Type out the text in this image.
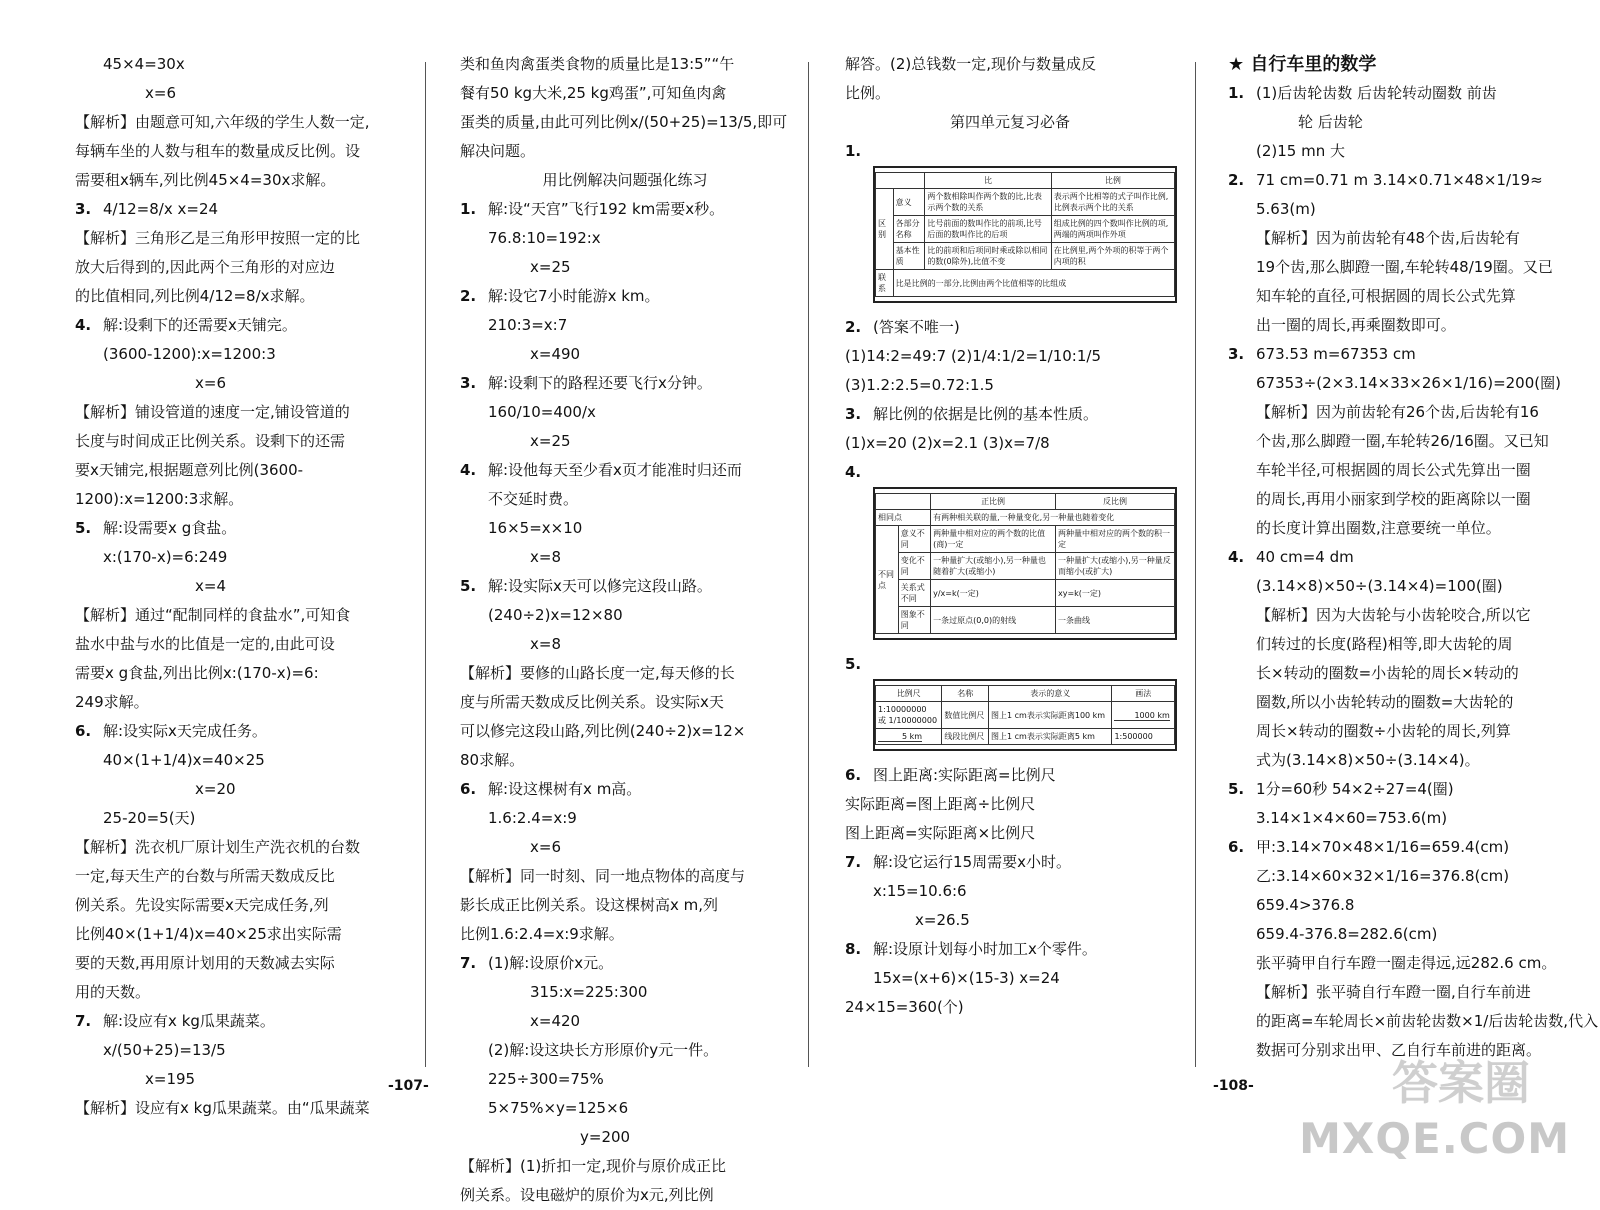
45×4=30x
x=6
【解析】由题意可知,六年级的学生人数一定,
每辆车坐的人数与租车的数量成反比例。设
需要租x辆车,列比例45×4=30x求解。
3. 4/12=8/x x=24
【解析】三角形乙是三角形甲按照一定的比
放大后得到的,因此两个三角形的对应边
的比值相同,列比例4/12=8/x求解。
4. 解:设剩下的还需要x天铺完。
(3600-1200):x=1200:3
x=6
【解析】铺设管道的速度一定,铺设管道的
长度与时间成正比例关系。设剩下的还需
要x天铺完,根据题意列比例(3600-
1200):x=1200:3求解。
5. 解:设需要x g食盐。
x:(170-x)=6:249
x=4
【解析】通过“配制同样的食盐水”,可知食
盐水中盐与水的比值是一定的,由此可设
需要x g食盐,列出比例x:(170-x)=6:
249求解。
6. 解:设实际x天完成任务。
40×(1+1/4)x=40×25
x=20
25-20=5(天)
【解析】洗衣机厂原计划生产洗衣机的台数
一定,每天生产的台数与所需天数成反比
例关系。先设实际需要x天完成任务,列
比例40×(1+1/4)x=40×25求出实际需
要的天数,再用原计划用的天数减去实际
用的天数。
7. 解:设应有x kg瓜果蔬菜。
x/(50+25)=13/5
x=195
【解析】设应有x kg瓜果蔬菜。由“瓜果蔬菜
类和鱼肉禽蛋类食物的质量比是13:5”“午
餐有50 kg大米,25 kg鸡蛋”,可知鱼肉禽
蛋类的质量,由此可列比例x/(50+25)=13/5,即可
解决问题。
用比例解决问题强化练习
1. 解:设“天宫”飞行192 km需要x秒。
76.8:10=192:x
x=25
2. 解:设它7小时能游x km。
210:3=x:7
x=490
3. 解:设剩下的路程还要飞行x分钟。
160/10=400/x
x=25
4. 解:设他每天至少看x页才能准时归还而
不交延时费。
16×5=x×10
x=8
5. 解:设实际x天可以修完这段山路。
(240÷2)x=12×80
x=8
【解析】要修的山路长度一定,每天修的长
度与所需天数成反比例关系。设实际x天
可以修完这段山路,列比例(240÷2)x=12×
80求解。
6. 解:设这棵树有x m高。
1.6:2.4=x:9
x=6
【解析】同一时刻、同一地点物体的高度与
影长成正比例关系。设这棵树高x m,列
比例1.6:2.4=x:9求解。
7. (1)解:设原价x元。
315:x=225:300
x=420
(2)解:设这块长方形原价y元一件。
225÷300=75%
5×75%×y=125×6
y=200
【解析】(1)折扣一定,现价与原价成正比
例关系。设电磁炉的原价为x元,列比例
解答。(2)总钱数一定,现价与数量成反
比例。
第四单元复习必备
1.
		比	比例
区别	意义	两个数相除叫作两个数的比,比表示两个数的关系	表示两个比相等的式子叫作比例,比例表示两个比的关系
	各部分名称	比号前面的数叫作比的前项,比号后面的数叫作比的后项	组成比例的四个数叫作比例的项,两端的两项叫作外项
	基本性质	比的前项和后项同时乘或除以相同的数(0除外),比值不变	在比例里,两个外项的积等于两个内项的积
联系	比是比例的一部分,比例由两个比值相等的比组成		
2. (答案不唯一)
(1)14:2=49:7 (2)1/4:1/2=1/10:1/5
(3)1.2:2.5=0.72:1.5
3. 解比例的依据是比例的基本性质。
(1)x=20 (2)x=2.1 (3)x=7/8
4.
		正比例	反比例
相同点		有两种相关联的量,一种量变化,另一种量也随着变化	
不同点	意义不同	两种量中相对应的两个数的比值(商)一定	两种量中相对应的两个数的积一定
	变化不同	一种量扩大(或缩小),另一种量也随着扩大(或缩小)	一种量扩大(或缩小),另一种量反而缩小(或扩大)
	关系式不同	y/x=k(一定)	xy=k(一定)
	图象不同	一条过原点(0,0)的射线	一条曲线
5.
比例尺	名称	表示的意义	画法

1:10000000
或 1/10000000	数值比例尺	图上1 cm表示实际距离100 km	1000 km
5 km	线段比例尺	图上1 cm表示实际距离5 km	1:500000
6. 图上距离:实际距离=比例尺
实际距离=图上距离÷比例尺
图上距离=实际距离×比例尺
7. 解:设它运行15周需要x小时。
x:15=10.6:6
x=26.5
8. 解:设原计划每小时加工x个零件。
15x=(x+6)×(15-3) x=24
24×15=360(个)
★ 自行车里的数学
1. (1)后齿轮齿数 后齿轮转动圈数 前齿
轮 后齿轮
(2)15 mn 大
2. 71 cm=0.71 m 3.14×0.71×48×1/19≈
5.63(m)
【解析】因为前齿轮有48个齿,后齿轮有
19个齿,那么脚蹬一圈,车轮转48/19圈。又已
知车轮的直径,可根据圆的周长公式先算
出一圈的周长,再乘圈数即可。
3. 673.53 m=67353 cm
67353÷(2×3.14×33×26×1/16)=200(圈)
【解析】因为前齿轮有26个齿,后齿轮有16
个齿,那么脚蹬一圈,车轮转26/16圈。又已知
车轮半径,可根据圆的周长公式先算出一圈
的周长,再用小丽家到学校的距离除以一圈
的长度计算出圈数,注意要统一单位。
4. 40 cm=4 dm
(3.14×8)×50÷(3.14×4)=100(圈)
【解析】因为大齿轮与小齿轮咬合,所以它
们转过的长度(路程)相等,即大齿轮的周
长×转动的圈数=小齿轮的周长×转动的
圈数,所以小齿轮转动的圈数=大齿轮的
周长×转动的圈数÷小齿轮的周长,列算
式为(3.14×8)×50÷(3.14×4)。
5. 1分=60秒 54×2÷27=4(圈)
3.14×1×4×60=753.6(m)
6. 甲:3.14×70×48×1/16=659.4(cm)
乙:3.14×60×32×1/16=376.8(cm)
659.4>376.8
659.4-376.8=282.6(cm)
张平骑甲自行车蹬一圈走得远,远282.6 cm。
【解析】张平骑自行车蹬一圈,自行车前进
的距离=车轮周长×前齿轮齿数×1/后齿轮齿数,代入
数据可分别求出甲、乙自行车前进的距离。
-107-	-108-	答案圈
MXQE.COM
